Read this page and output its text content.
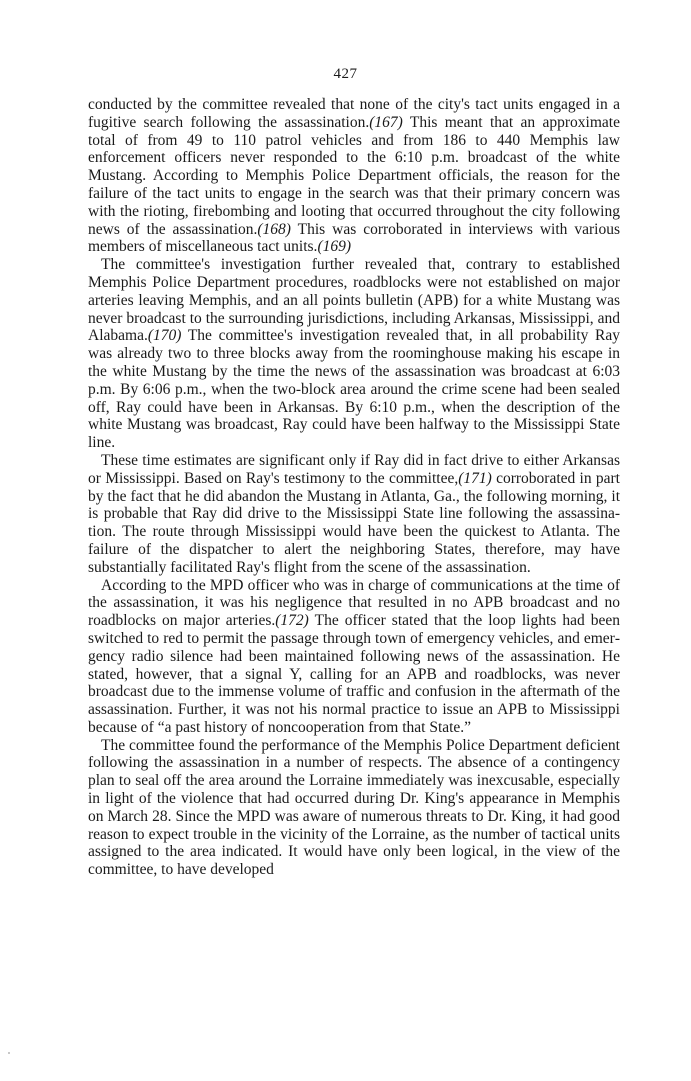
427

conducted by the committee revealed that none of the city's tact units engaged in a fugitive search following the assassination.(167) This meant that an approximate total of from 49 to 110 patrol vehicles and from 186 to 440 Memphis law enforcement officers never responded to the 6:10 p.m. broadcast of the white Mustang. According to Memphis Police Department officials, the reason for the failure of the tact units to engage in the search was that their primary concern was with the rioting, firebombing and looting that occurred throughout the city following news of the assassination.(168) This was corroborated in interviews with various members of miscellaneous tact units.(169)

The committee's investigation further revealed that, contrary to established Memphis Police Department procedures, roadblocks were not established on major arteries leaving Memphis, and an all points bulletin (APB) for a white Mustang was never broadcast to the surrounding jurisdictions, including Arkansas, Mississippi, and Alabama.(170) The committee's investigation revealed that, in all probability Ray was already two to three blocks away from the roominghouse making his escape in the white Mustang by the time the news of the assassination was broadcast at 6:03 p.m. By 6:06 p.m., when the two-block area around the crime scene had been sealed off, Ray could have been in Arkansas. By 6:10 p.m., when the description of the white Mustang was broadcast, Ray could have been halfway to the Mississippi State line.

These time estimates are significant only if Ray did in fact drive to either Arkansas or Mississippi. Based on Ray's testimony to the committee,(171) corroborated in part by the fact that he did abandon the Mustang in Atlanta, Ga., the following morning, it is probable that Ray did drive to the Mississippi State line following the assassination. The route through Mississippi would have been the quickest to Atlanta. The failure of the dispatcher to alert the neighboring States, therefore, may have substantially facilitated Ray's flight from the scene of the assassination.

According to the MPD officer who was in charge of communications at the time of the assassination, it was his negligence that resulted in no APB broadcast and no roadblocks on major arteries.(172) The officer stated that the loop lights had been switched to red to permit the passage through town of emergency vehicles, and emergency radio silence had been maintained following news of the assassination. He stated, however, that a signal Y, calling for an APB and roadblocks, was never broadcast due to the immense volume of traffic and confusion in the aftermath of the assassination. Further, it was not his normal practice to issue an APB to Mississippi because of “a past history of noncooperation from that State.”

The committee found the performance of the Memphis Police Department deficient following the assassination in a number of respects. The absence of a contingency plan to seal off the area around the Lorraine immediately was inexcusable, especially in light of the violence that had occurred during Dr. King's appearance in Memphis on March 28. Since the MPD was aware of numerous threats to Dr. King, it had good reason to expect trouble in the vicinity of the Lorraine, as the number of tactical units assigned to the area indicated. It would have only been logical, in the view of the committee, to have developed
